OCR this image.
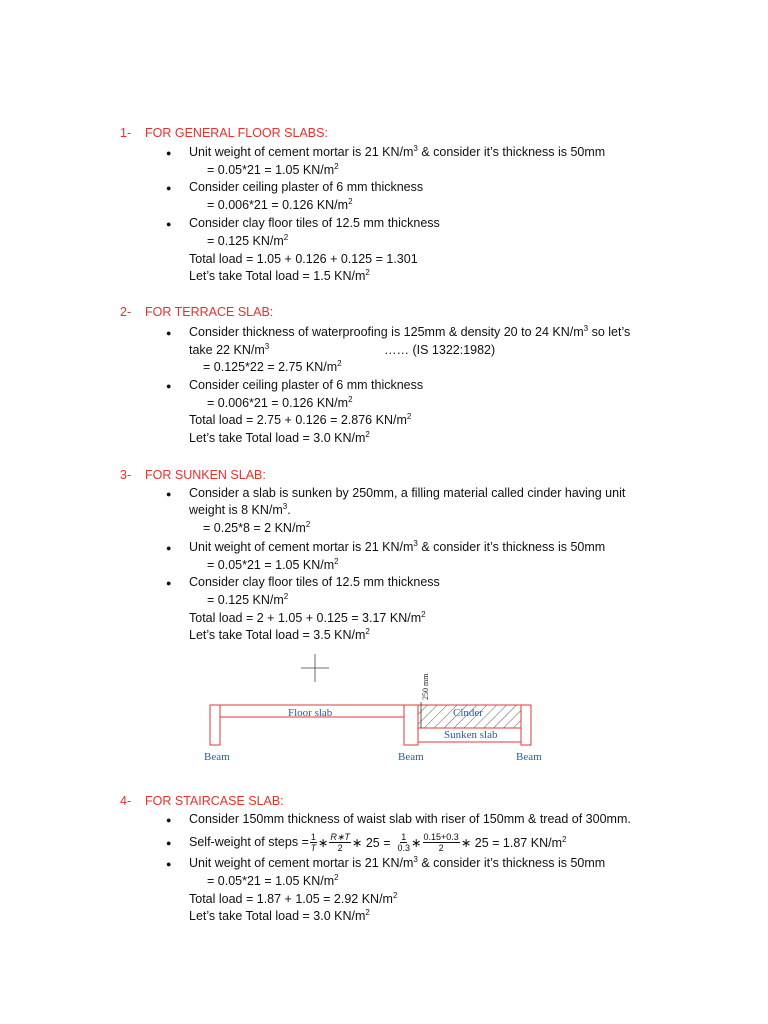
1- FOR GENERAL FLOOR SLABS:
● Unit weight of cement mortar is 21 $KN/m^3$ & consider it’s thickness is 50mm
= 0.05*21 = 1.05 $KN/m^2$
● Consider ceiling plaster of 6 mm thickness
= 0.006*21 = 0.126 $KN/m^2$
● Consider clay floor tiles of 12.5 mm thickness
= 0.125 $KN/m^2$
Total load = 1.05 + 0.126 + 0.125 = 1.301
Let’s take Total load = 1.5 $KN/m^2$
2- FOR TERRACE SLAB:
● Consider thickness of waterproofing is 125mm & density 20 to 24 $KN/m^3$ so let’s
take 22 $KN/m^3$	…… (IS 1322:1982)
= 0.125*22 = 2.75 $KN/m^2$
● Consider ceiling plaster of 6 mm thickness
= 0.006*21 = 0.126 $KN/m^2$
Total load = 2.75 + 0.126 = 2.876 $KN/m^2$
Let’s take Total load = 3.0 $KN/m^2$
3- FOR SUNKEN SLAB:
● Consider a slab is sunken by 250mm, a filling material called cinder having unit
weight is 8 $KN/m^3$.
= 0.25*8 = 2 $KN/m^2$
● Unit weight of cement mortar is 21 $KN/m^3$ & consider it’s thickness is 50mm
= 0.05*21 = 1.05 $KN/m^2$
● Consider clay floor tiles of 12.5 mm thickness
= 0.125 $KN/m^2$
Total load = 2 + 1.05 + 0.125 = 3.17 $KN/m^2$
Let’s take Total load = 3.5 $KN/m^2$
250 mm
Floor slab	Cinder
Sunken slab
Beam	Beam	Beam
4- FOR STAIRCASE SLAB:
● Consider 150mm thickness of waist slab with riser of 150mm & tread of 300mm.
● Self-weight of steps = $\frac{1}{T}$ ∗ $\frac{R∗T}{2}$ ∗ $25 = \frac{1}{0.3}$ ∗ $\frac{0.15+0.3}{2}$ ∗ 25 = 1.87 $KN/m^2$
● Unit weight of cement mortar is 21 $KN/m^3$ & consider it’s thickness is 50mm
= 0.05*21 = 1.05 $KN/m^2$
Total load = 1.87 + 1.05 = 2.92 $KN/m^2$
Let’s take Total load = 3.0 $KN/m^2$
